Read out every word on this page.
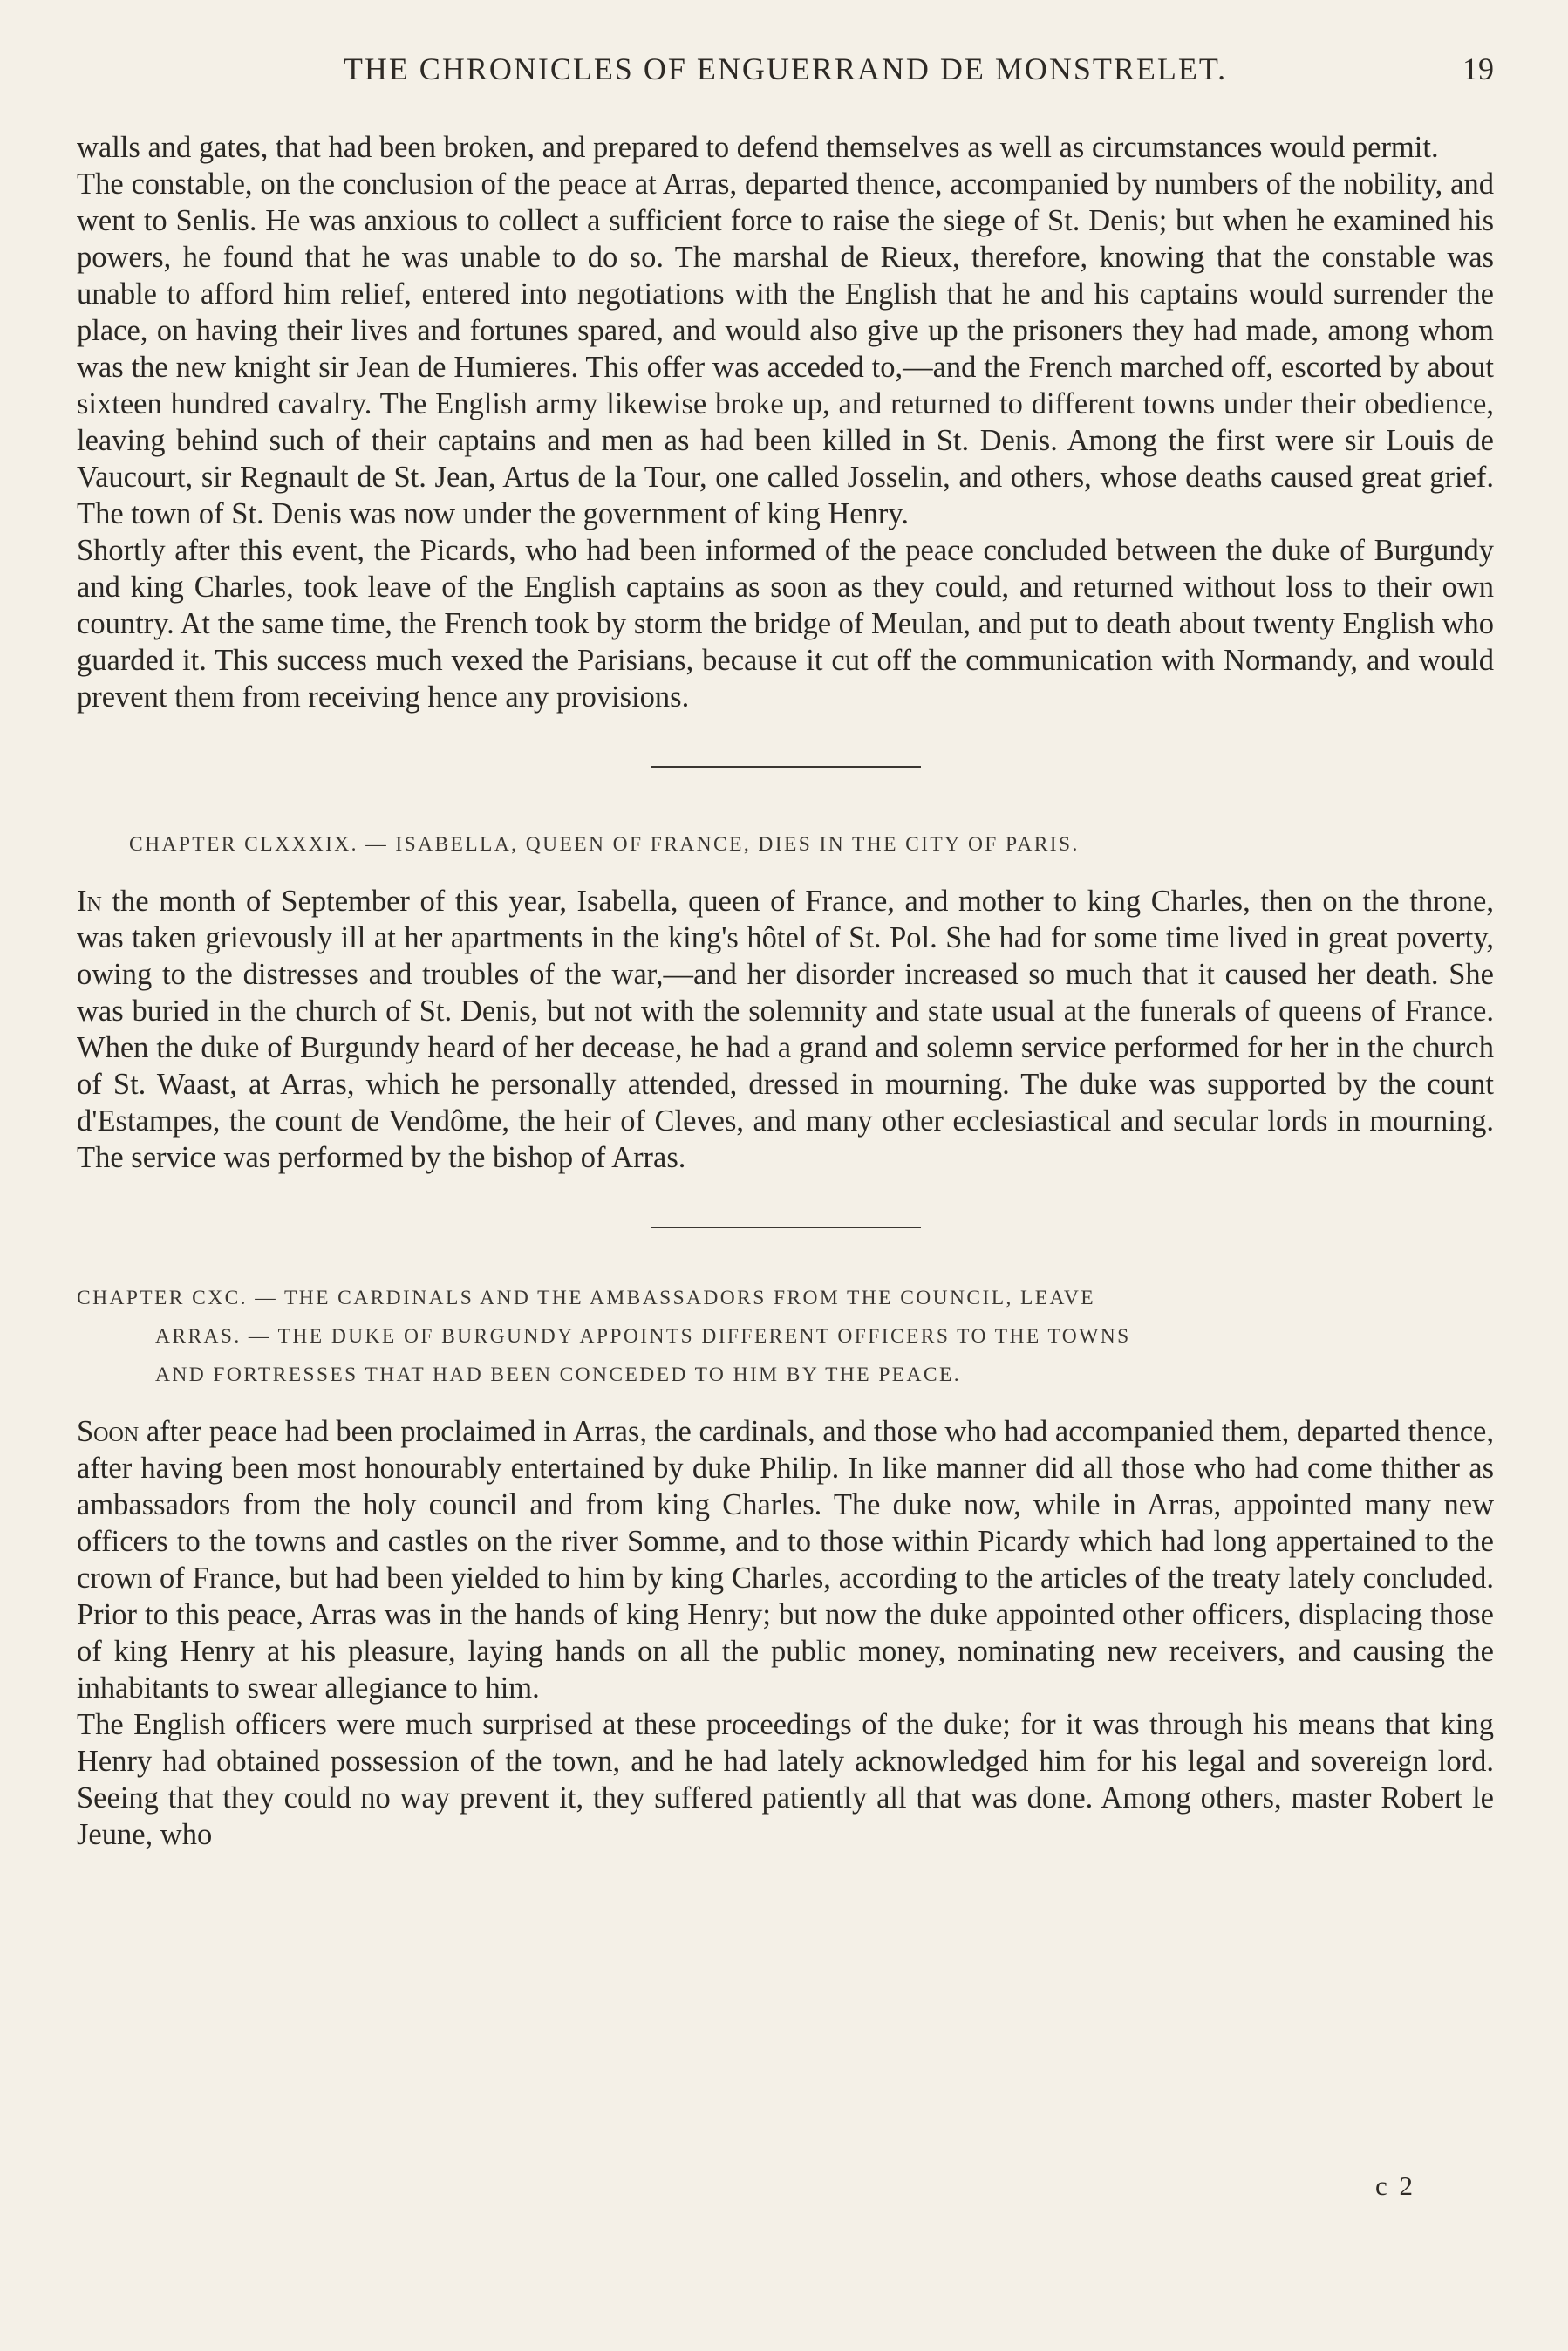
THE CHRONICLES OF ENGUERRAND DE MONSTRELET.	19

walls and gates, that had been broken, and prepared to defend themselves as well as circumstances would permit.

The constable, on the conclusion of the peace at Arras, departed thence, accompanied by numbers of the nobility, and went to Senlis. He was anxious to collect a sufficient force to raise the siege of St. Denis; but when he examined his powers, he found that he was unable to do so. The marshal de Rieux, therefore, knowing that the constable was unable to afford him relief, entered into negotiations with the English that he and his captains would surrender the place, on having their lives and fortunes spared, and would also give up the prisoners they had made, among whom was the new knight sir Jean de Humieres. This offer was acceded to,—and the French marched off, escorted by about sixteen hundred cavalry. The English army likewise broke up, and returned to different towns under their obedience, leaving behind such of their captains and men as had been killed in St. Denis. Among the first were sir Louis de Vaucourt, sir Regnault de St. Jean, Artus de la Tour, one called Josselin, and others, whose deaths caused great grief. The town of St. Denis was now under the government of king Henry.

Shortly after this event, the Picards, who had been informed of the peace concluded between the duke of Burgundy and king Charles, took leave of the English captains as soon as they could, and returned without loss to their own country. At the same time, the French took by storm the bridge of Meulan, and put to death about twenty English who guarded it. This success much vexed the Parisians, because it cut off the communication with Normandy, and would prevent them from receiving hence any provisions.

CHAPTER CLXXXIX. — ISABELLA, QUEEN OF FRANCE, DIES IN THE CITY OF PARIS.

In the month of September of this year, Isabella, queen of France, and mother to king Charles, then on the throne, was taken grievously ill at her apartments in the king's hôtel of St. Pol. She had for some time lived in great poverty, owing to the distresses and troubles of the war,—and her disorder increased so much that it caused her death. She was buried in the church of St. Denis, but not with the solemnity and state usual at the funerals of queens of France. When the duke of Burgundy heard of her decease, he had a grand and solemn service performed for her in the church of St. Waast, at Arras, which he personally attended, dressed in mourning. The duke was supported by the count d'Estampes, the count de Vendôme, the heir of Cleves, and many other ecclesiastical and secular lords in mourning. The service was performed by the bishop of Arras.

CHAPTER CXC. — THE CARDINALS AND THE AMBASSADORS FROM THE COUNCIL, LEAVE
ARRAS. — THE DUKE OF BURGUNDY APPOINTS DIFFERENT OFFICERS TO THE TOWNS
AND FORTRESSES THAT HAD BEEN CONCEDED TO HIM BY THE PEACE.

Soon after peace had been proclaimed in Arras, the cardinals, and those who had accompanied them, departed thence, after having been most honourably entertained by duke Philip. In like manner did all those who had come thither as ambassadors from the holy council and from king Charles. The duke now, while in Arras, appointed many new officers to the towns and castles on the river Somme, and to those within Picardy which had long appertained to the crown of France, but had been yielded to him by king Charles, according to the articles of the treaty lately concluded. Prior to this peace, Arras was in the hands of king Henry; but now the duke appointed other officers, displacing those of king Henry at his pleasure, laying hands on all the public money, nominating new receivers, and causing the inhabitants to swear allegiance to him.

The English officers were much surprised at these proceedings of the duke; for it was through his means that king Henry had obtained possession of the town, and he had lately acknowledged him for his legal and sovereign lord. Seeing that they could no way prevent it, they suffered patiently all that was done. Among others, master Robert le Jeune, who

c 2
